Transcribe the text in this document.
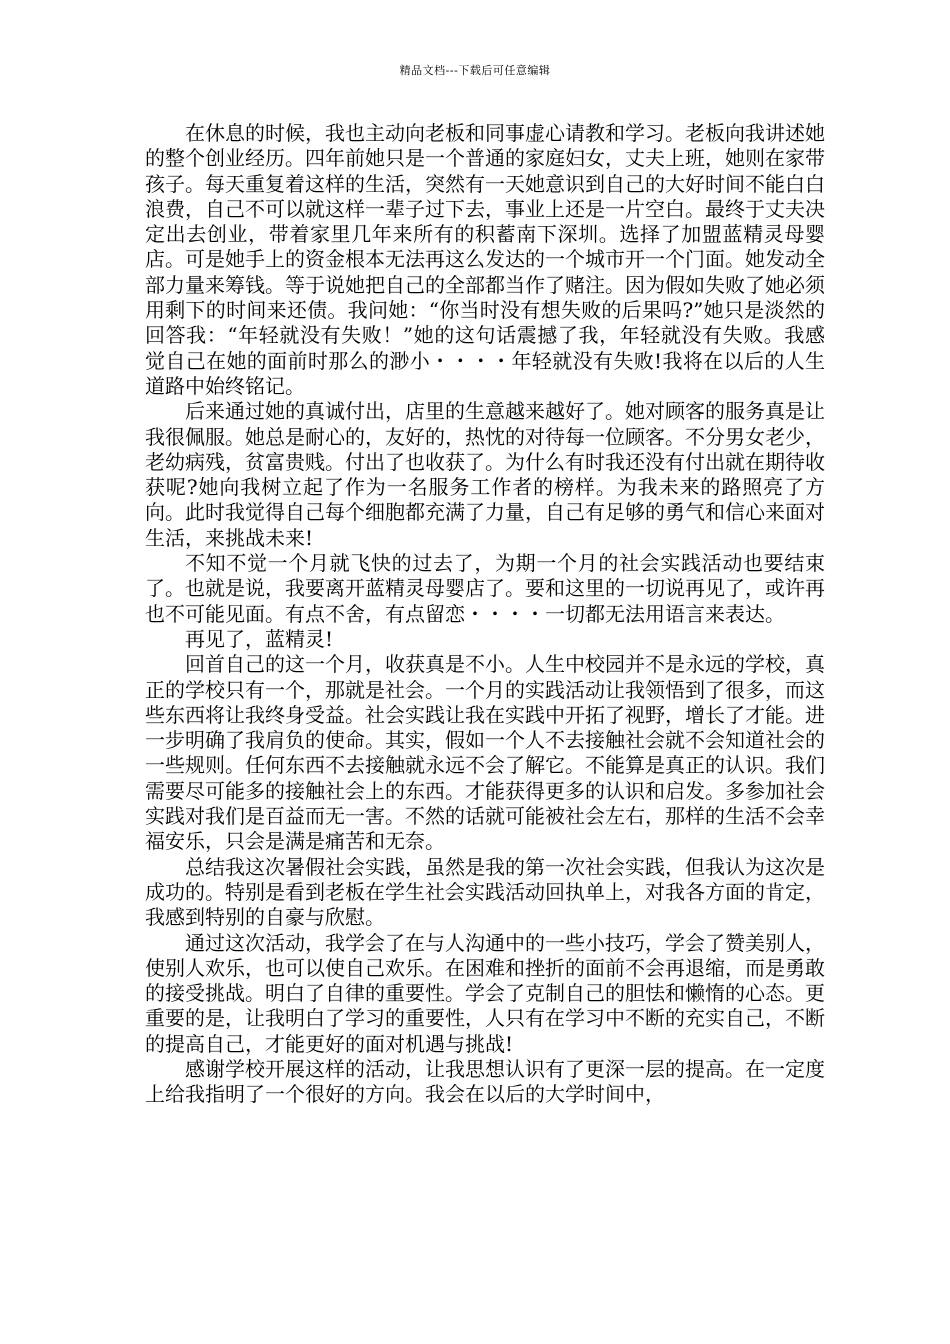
精品文档---下载后可任意编辑

在休息的时候，我也主动向老板和同事虚心请教和学习。老板向我讲述她的整个创业经历。四年前她只是一个普通的家庭妇女，丈夫上班，她则在家带孩子。每天重复着这样的生活，突然有一天她意识到自己的大好时间不能白白浪费，自己不可以就这样一辈子过下去，事业上还是一片空白。最终于丈夫决定出去创业，带着家里几年来所有的积蓄南下深圳。选择了加盟蓝精灵母婴店。可是她手上的资金根本无法再这么发达的一个城市开一个门面。她发动全部力量来筹钱。等于说她把自己的全部都当作了赌注。因为假如失败了她必须用剩下的时间来还债。我问她：“你当时没有想失败的后果吗?”她只是淡然的回答我：“年轻就没有失败！”她的这句话震撼了我，年轻就没有失败。我感觉自己在她的面前时那么的渺小・・・・年轻就没有失败!我将在以后的人生道路中始终铭记。

后来通过她的真诚付出，店里的生意越来越好了。她对顾客的服务真是让我很佩服。她总是耐心的，友好的，热忱的对待每一位顾客。不分男女老少，老幼病残，贫富贵贱。付出了也收获了。为什么有时我还没有付出就在期待收获呢?她向我树立起了作为一名服务工作者的榜样。为我未来的路照亮了方向。此时我觉得自己每个细胞都充满了力量，自己有足够的勇气和信心来面对生活，来挑战未来!

不知不觉一个月就飞快的过去了，为期一个月的社会实践活动也要结束了。也就是说，我要离开蓝精灵母婴店了。要和这里的一切说再见了，或许再也不可能见面。有点不舍，有点留恋・・・・一切都无法用语言来表达。

再见了，蓝精灵!

回首自己的这一个月，收获真是不小。人生中校园并不是永远的学校，真正的学校只有一个，那就是社会。一个月的实践活动让我领悟到了很多，而这些东西将让我终身受益。社会实践让我在实践中开拓了视野，增长了才能。进一步明确了我肩负的使命。其实，假如一个人不去接触社会就不会知道社会的一些规则。任何东西不去接触就永远不会了解它。不能算是真正的认识。我们需要尽可能多的接触社会上的东西。才能获得更多的认识和启发。多参加社会实践对我们是百益而无一害。不然的话就可能被社会左右，那样的生活不会幸福安乐，只会是满是痛苦和无奈。

总结我这次暑假社会实践，虽然是我的第一次社会实践，但我认为这次是成功的。特别是看到老板在学生社会实践活动回执单上，对我各方面的肯定，我感到特别的自豪与欣慰。

通过这次活动，我学会了在与人沟通中的一些小技巧，学会了赞美别人，使别人欢乐，也可以使自己欢乐。在困难和挫折的面前不会再退缩，而是勇敢的接受挑战。明白了自律的重要性。学会了克制自己的胆怯和懒惰的心态。更重要的是，让我明白了学习的重要性，人只有在学习中不断的充实自己，不断的提高自己，才能更好的面对机遇与挑战!

感谢学校开展这样的活动，让我思想认识有了更深一层的提高。在一定度上给我指明了一个很好的方向。我会在以后的大学时间中，
